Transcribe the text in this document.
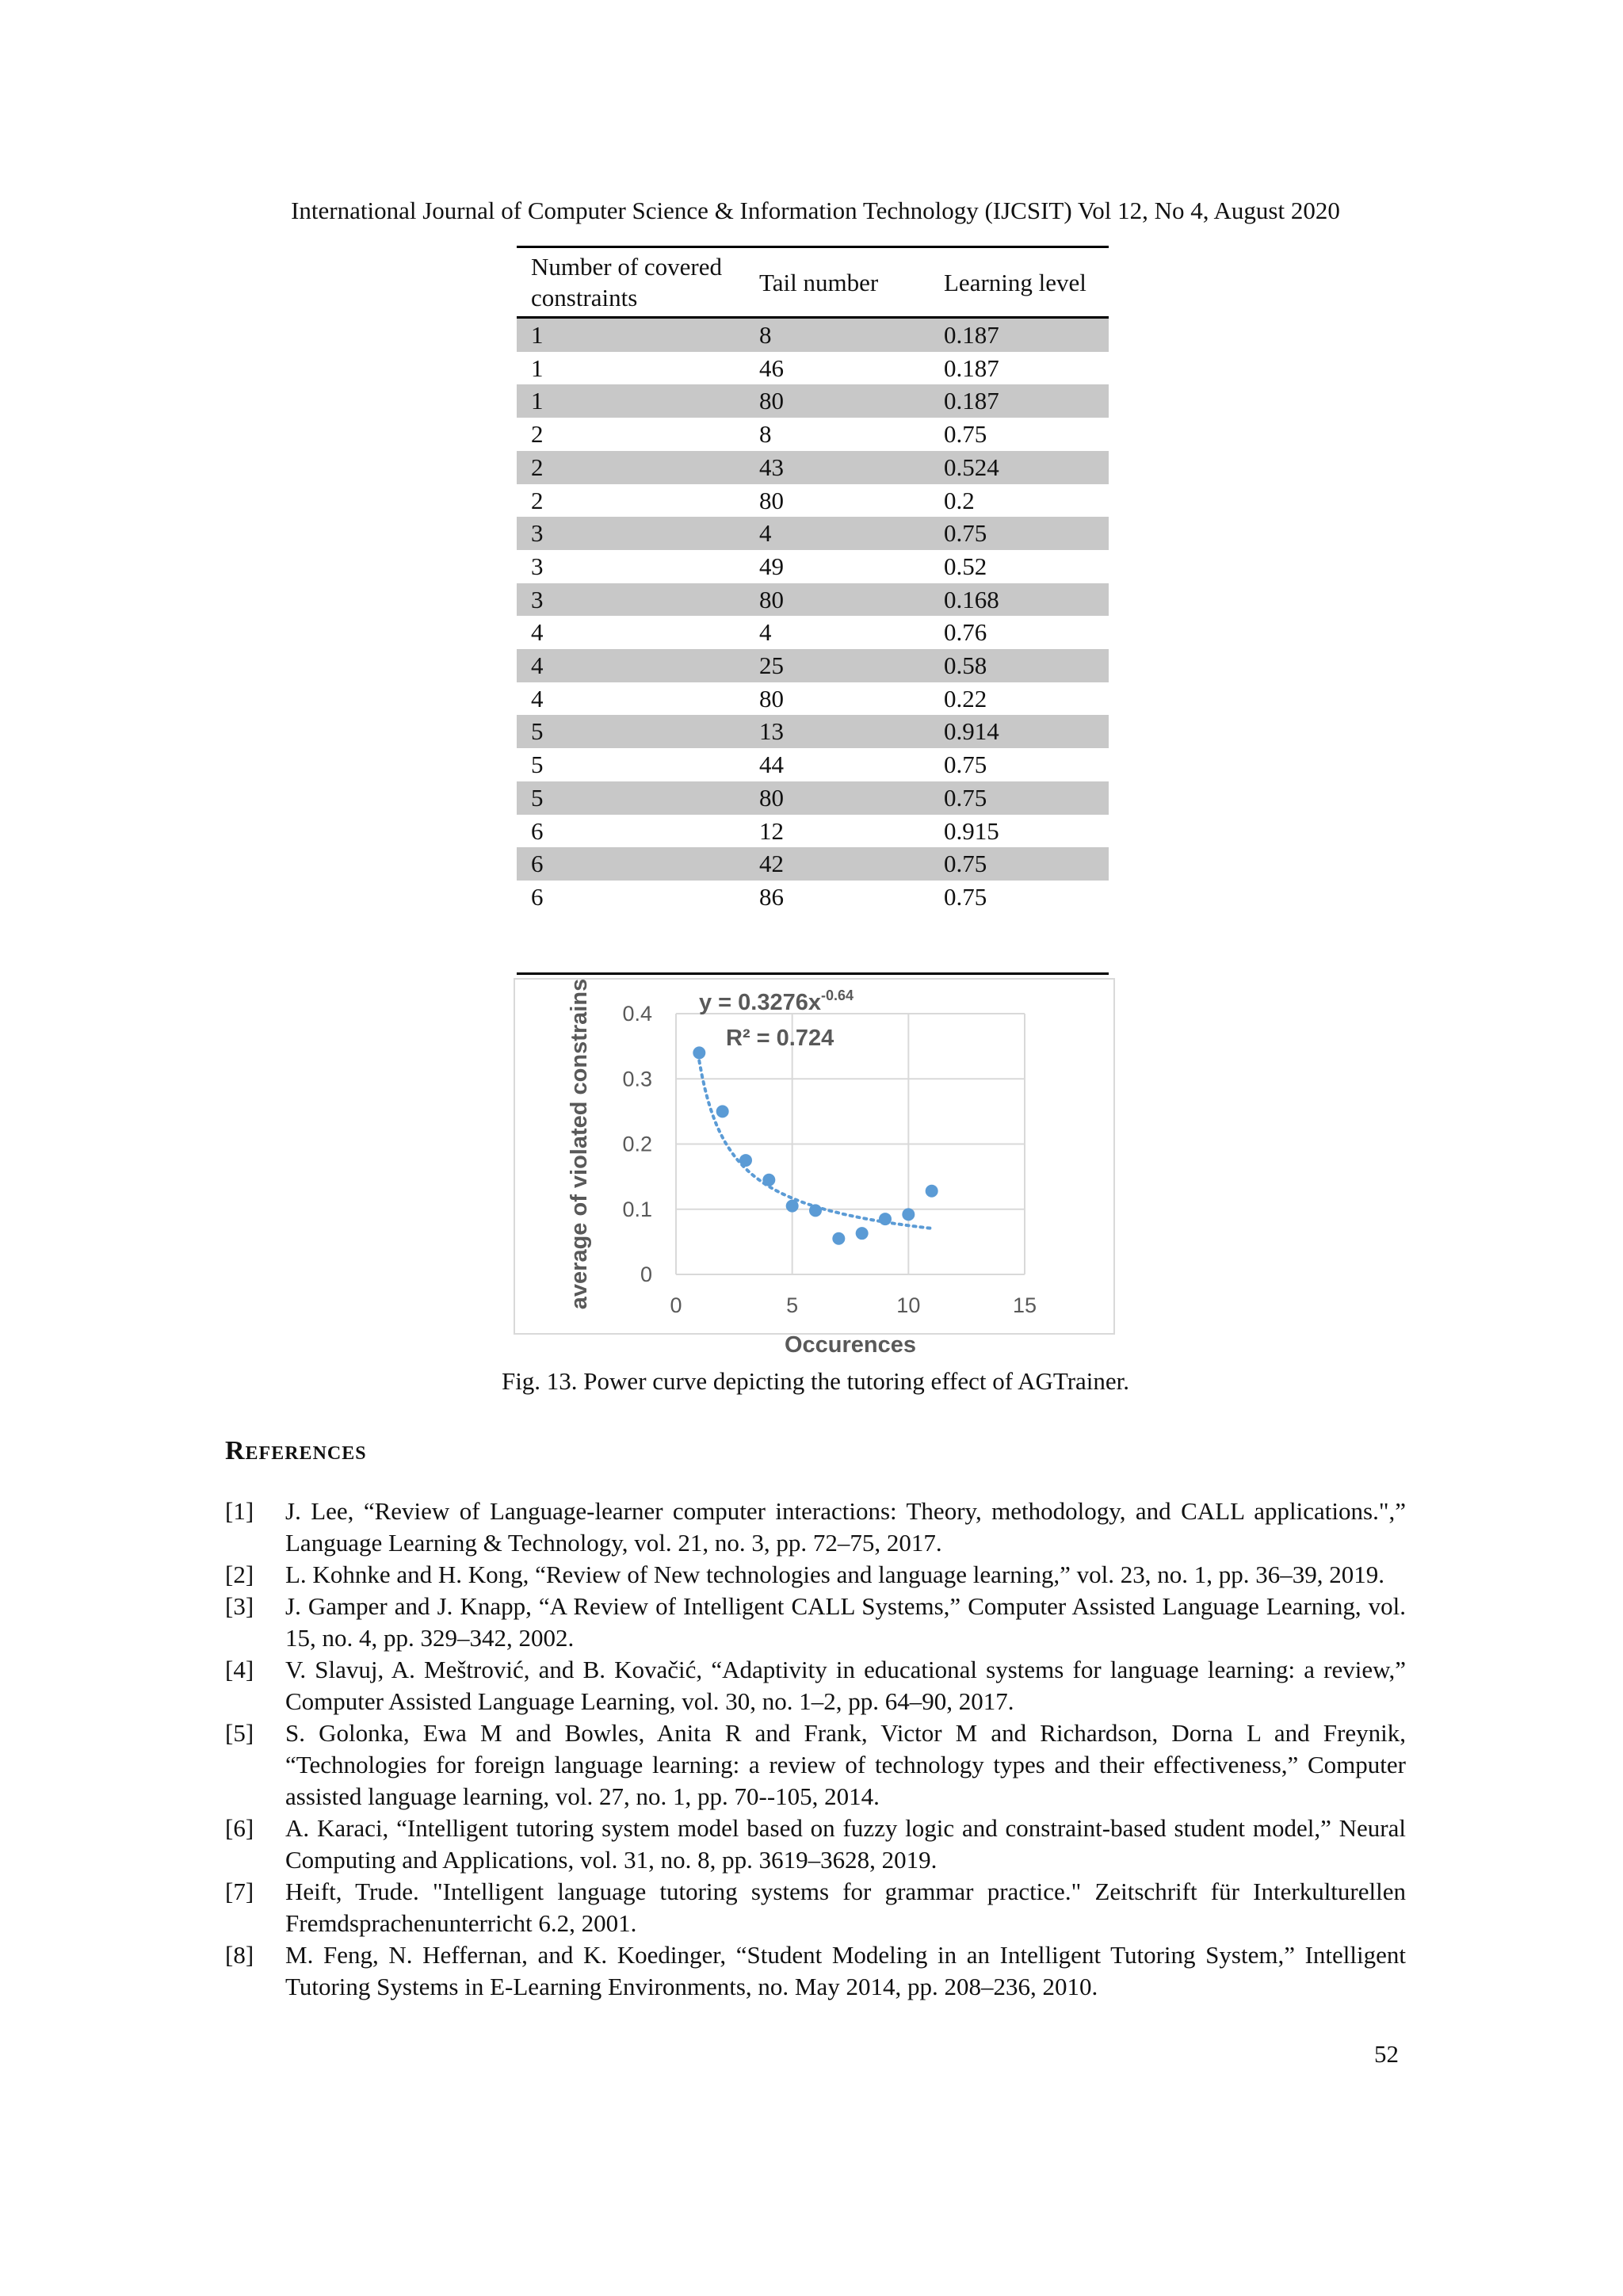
International Journal of Computer Science & Information Technology (IJCSIT) Vol 12, No 4, August 2020
Number of covered constraints	Tail number	Learning level
1	8	0.187
1	46	0.187
1	80	0.187
2	8	0.75
2	43	0.524
2	80	0.2
3	4	0.75
3	49	0.52
3	80	0.168
4	4	0.76
4	25	0.58
4	80	0.22
5	13	0.914
5	44	0.75
5	80	0.75
6	12	0.915
6	42	0.75
6	86	0.75
0
0.1
0.2
0.3
0.4
0	5	10	15
Occurences
average of violated constrains	$y = 0.3276x^{-0.64}$
R² = 0.724
Fig. 13. Power curve depicting the tutoring effect of AGTrainer.
References
[1]	J. Lee, “Review of Language-learner computer interactions: Theory, methodology, and CALL applications.",” Language Learning & Technology, vol. 21, no. 3, pp. 72–75, 2017.
[2]	L. Kohnke and H. Kong, “Review of New technologies and language learning,” vol. 23, no. 1, pp. 36–39, 2019.
[3]	J. Gamper and J. Knapp, “A Review of Intelligent CALL Systems,” Computer Assisted Language Learning, vol. 15, no. 4, pp. 329–342, 2002.
[4]	V. Slavuj, A. Meštrović, and B. Kovačić, “Adaptivity in educational systems for language learning: a review,” Computer Assisted Language Learning, vol. 30, no. 1–2, pp. 64–90, 2017.
[5]	S. Golonka, Ewa M and Bowles, Anita R and Frank, Victor M and Richardson, Dorna L and Freynik, “Technologies for foreign language learning: a review of technology types and their effectiveness,” Computer assisted language learning, vol. 27, no. 1, pp. 70--105, 2014.
[6]	A. Karaci, “Intelligent tutoring system model based on fuzzy logic and constraint-based student model,” Neural Computing and Applications, vol. 31, no. 8, pp. 3619–3628, 2019.
[7]	Heift, Trude. "Intelligent language tutoring systems for grammar practice." Zeitschrift für Interkulturellen Fremdsprachenunterricht 6.2, 2001.
[8]	M. Feng, N. Heffernan, and K. Koedinger, “Student Modeling in an Intelligent Tutoring System,” Intelligent Tutoring Systems in E-Learning Environments, no. May 2014, pp. 208–236, 2010.
52
